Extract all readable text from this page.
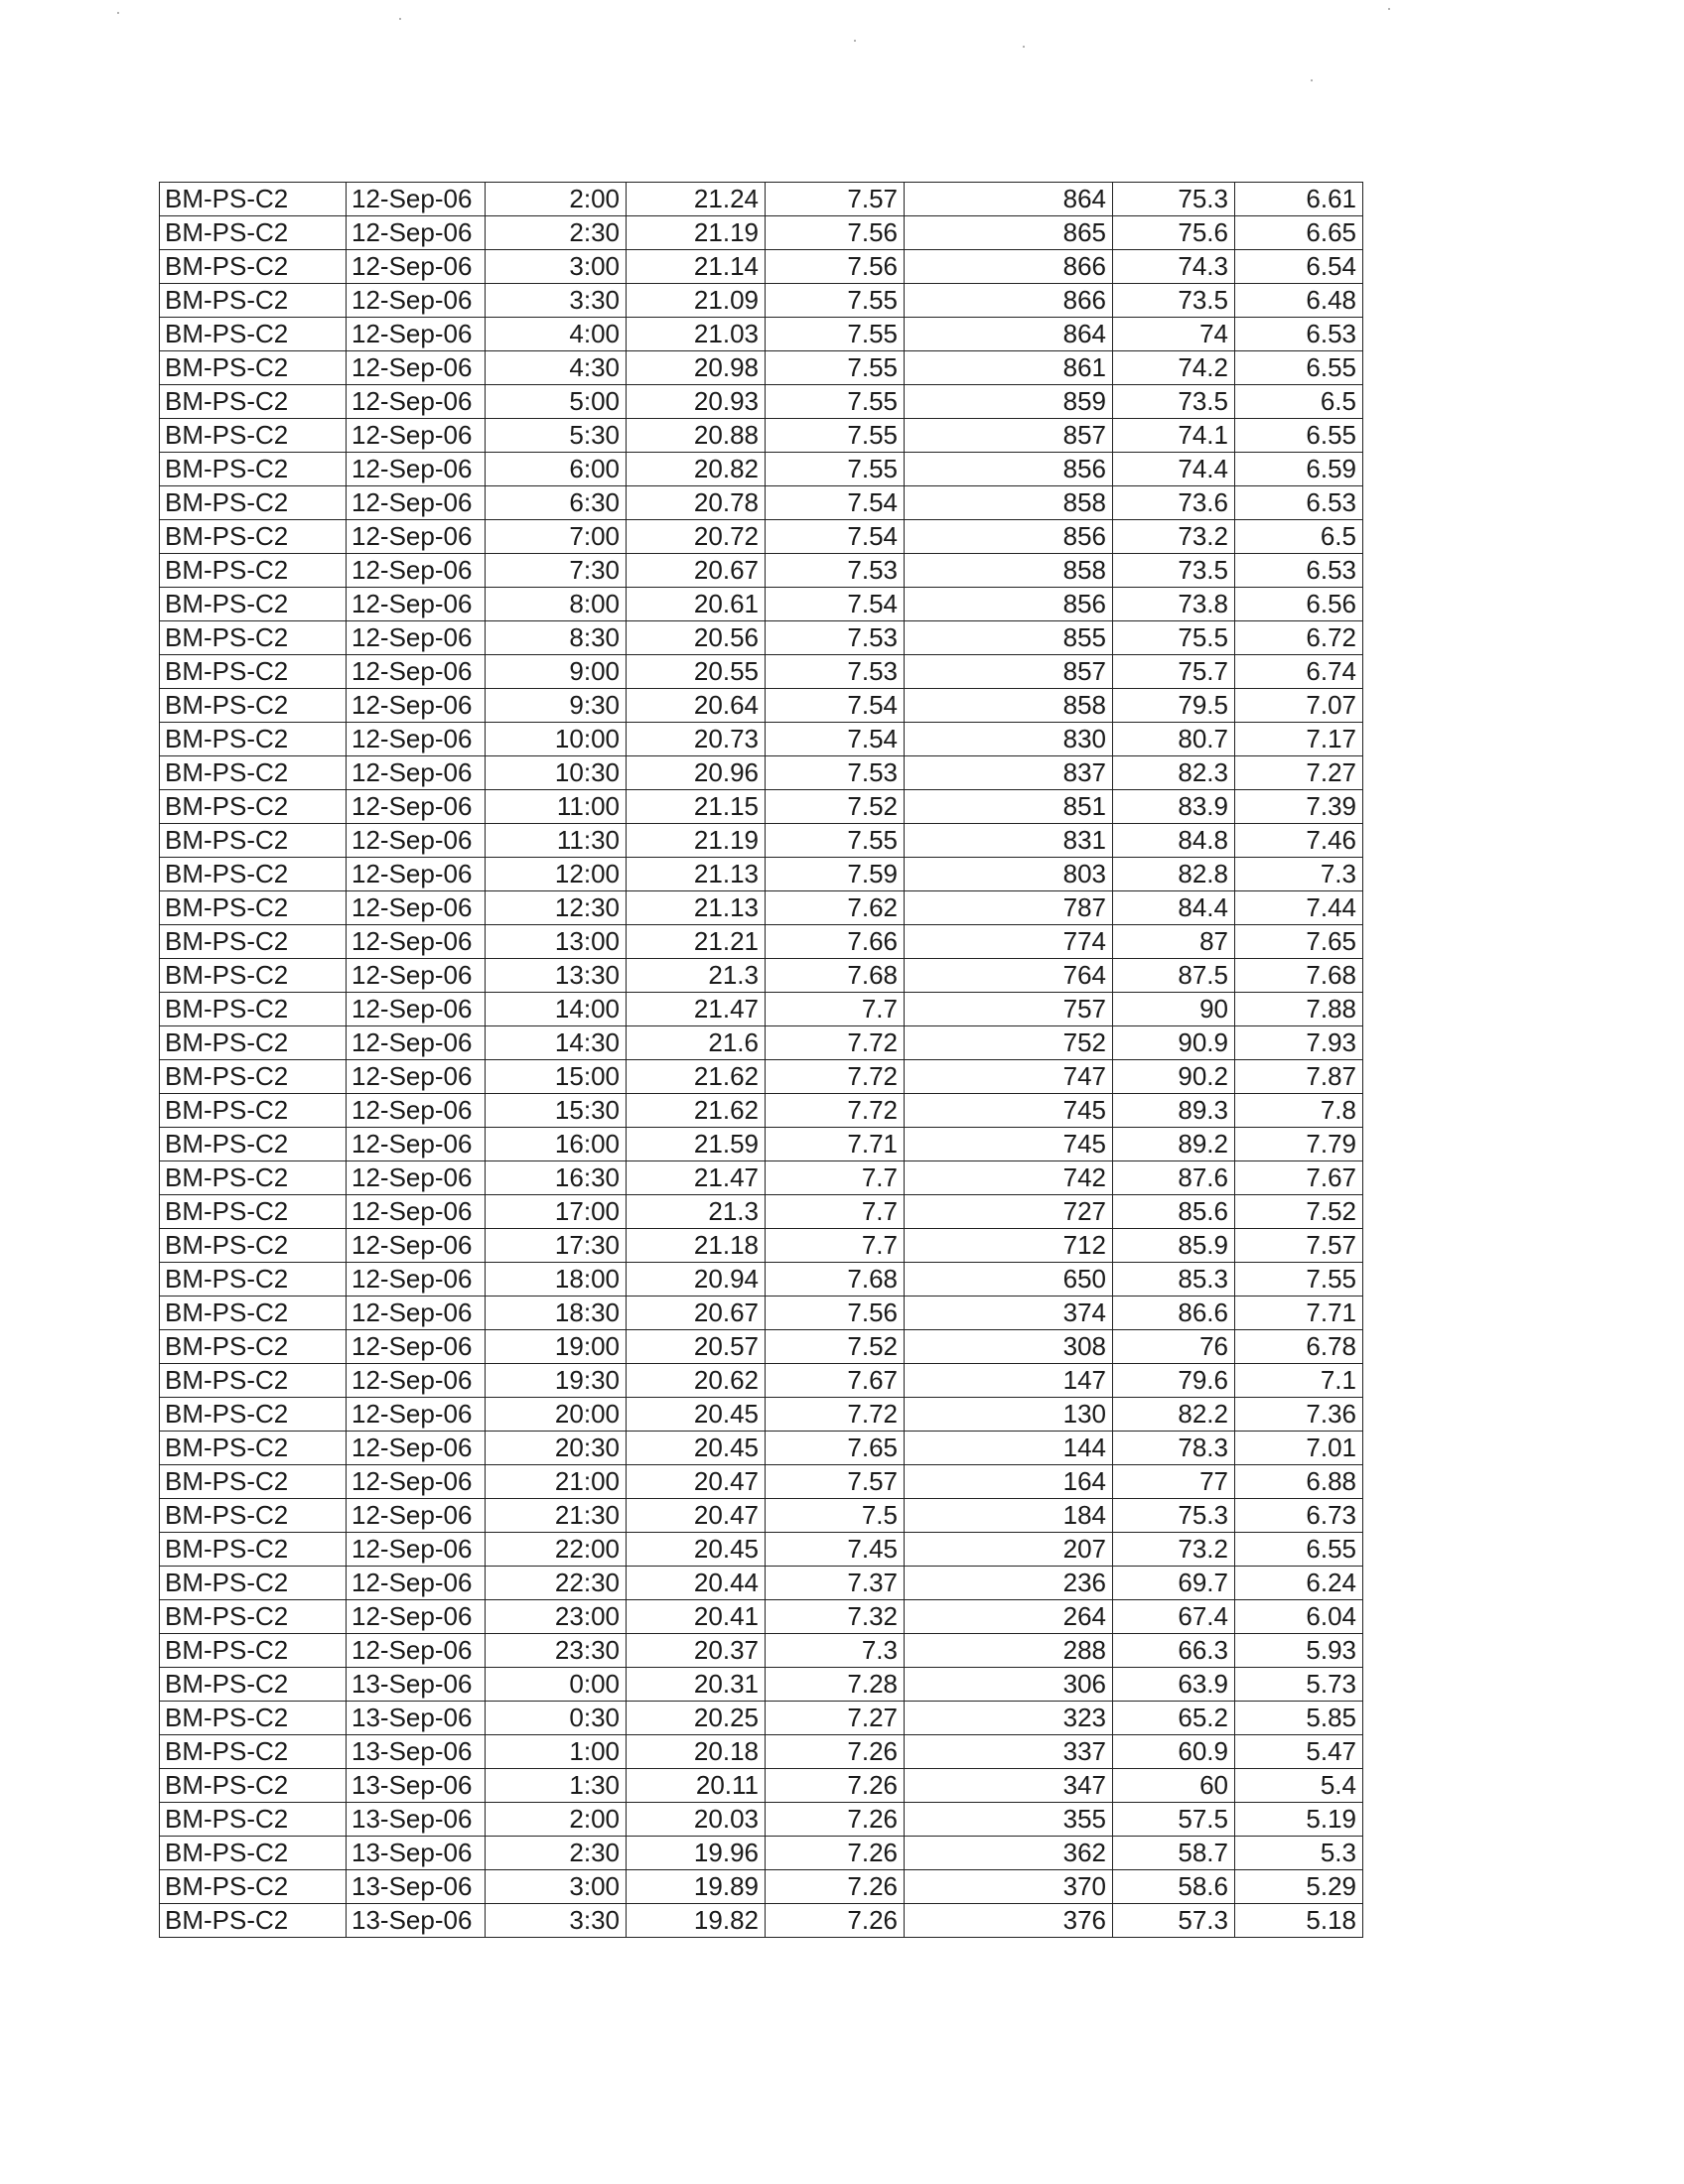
BM-PS-C2	12-Sep-06	2:00	21.24	7.57	864	75.3	6.61
BM-PS-C2	12-Sep-06	2:30	21.19	7.56	865	75.6	6.65
BM-PS-C2	12-Sep-06	3:00	21.14	7.56	866	74.3	6.54
BM-PS-C2	12-Sep-06	3:30	21.09	7.55	866	73.5	6.48
BM-PS-C2	12-Sep-06	4:00	21.03	7.55	864	74	6.53
BM-PS-C2	12-Sep-06	4:30	20.98	7.55	861	74.2	6.55
BM-PS-C2	12-Sep-06	5:00	20.93	7.55	859	73.5	6.5
BM-PS-C2	12-Sep-06	5:30	20.88	7.55	857	74.1	6.55
BM-PS-C2	12-Sep-06	6:00	20.82	7.55	856	74.4	6.59
BM-PS-C2	12-Sep-06	6:30	20.78	7.54	858	73.6	6.53
BM-PS-C2	12-Sep-06	7:00	20.72	7.54	856	73.2	6.5
BM-PS-C2	12-Sep-06	7:30	20.67	7.53	858	73.5	6.53
BM-PS-C2	12-Sep-06	8:00	20.61	7.54	856	73.8	6.56
BM-PS-C2	12-Sep-06	8:30	20.56	7.53	855	75.5	6.72
BM-PS-C2	12-Sep-06	9:00	20.55	7.53	857	75.7	6.74
BM-PS-C2	12-Sep-06	9:30	20.64	7.54	858	79.5	7.07
BM-PS-C2	12-Sep-06	10:00	20.73	7.54	830	80.7	7.17
BM-PS-C2	12-Sep-06	10:30	20.96	7.53	837	82.3	7.27
BM-PS-C2	12-Sep-06	11:00	21.15	7.52	851	83.9	7.39
BM-PS-C2	12-Sep-06	11:30	21.19	7.55	831	84.8	7.46
BM-PS-C2	12-Sep-06	12:00	21.13	7.59	803	82.8	7.3
BM-PS-C2	12-Sep-06	12:30	21.13	7.62	787	84.4	7.44
BM-PS-C2	12-Sep-06	13:00	21.21	7.66	774	87	7.65
BM-PS-C2	12-Sep-06	13:30	21.3	7.68	764	87.5	7.68
BM-PS-C2	12-Sep-06	14:00	21.47	7.7	757	90	7.88
BM-PS-C2	12-Sep-06	14:30	21.6	7.72	752	90.9	7.93
BM-PS-C2	12-Sep-06	15:00	21.62	7.72	747	90.2	7.87
BM-PS-C2	12-Sep-06	15:30	21.62	7.72	745	89.3	7.8
BM-PS-C2	12-Sep-06	16:00	21.59	7.71	745	89.2	7.79
BM-PS-C2	12-Sep-06	16:30	21.47	7.7	742	87.6	7.67
BM-PS-C2	12-Sep-06	17:00	21.3	7.7	727	85.6	7.52
BM-PS-C2	12-Sep-06	17:30	21.18	7.7	712	85.9	7.57
BM-PS-C2	12-Sep-06	18:00	20.94	7.68	650	85.3	7.55
BM-PS-C2	12-Sep-06	18:30	20.67	7.56	374	86.6	7.71
BM-PS-C2	12-Sep-06	19:00	20.57	7.52	308	76	6.78
BM-PS-C2	12-Sep-06	19:30	20.62	7.67	147	79.6	7.1
BM-PS-C2	12-Sep-06	20:00	20.45	7.72	130	82.2	7.36
BM-PS-C2	12-Sep-06	20:30	20.45	7.65	144	78.3	7.01
BM-PS-C2	12-Sep-06	21:00	20.47	7.57	164	77	6.88
BM-PS-C2	12-Sep-06	21:30	20.47	7.5	184	75.3	6.73
BM-PS-C2	12-Sep-06	22:00	20.45	7.45	207	73.2	6.55
BM-PS-C2	12-Sep-06	22:30	20.44	7.37	236	69.7	6.24
BM-PS-C2	12-Sep-06	23:00	20.41	7.32	264	67.4	6.04
BM-PS-C2	12-Sep-06	23:30	20.37	7.3	288	66.3	5.93
BM-PS-C2	13-Sep-06	0:00	20.31	7.28	306	63.9	5.73
BM-PS-C2	13-Sep-06	0:30	20.25	7.27	323	65.2	5.85
BM-PS-C2	13-Sep-06	1:00	20.18	7.26	337	60.9	5.47
BM-PS-C2	13-Sep-06	1:30	20.11	7.26	347	60	5.4
BM-PS-C2	13-Sep-06	2:00	20.03	7.26	355	57.5	5.19
BM-PS-C2	13-Sep-06	2:30	19.96	7.26	362	58.7	5.3
BM-PS-C2	13-Sep-06	3:00	19.89	7.26	370	58.6	5.29
BM-PS-C2	13-Sep-06	3:30	19.82	7.26	376	57.3	5.18
